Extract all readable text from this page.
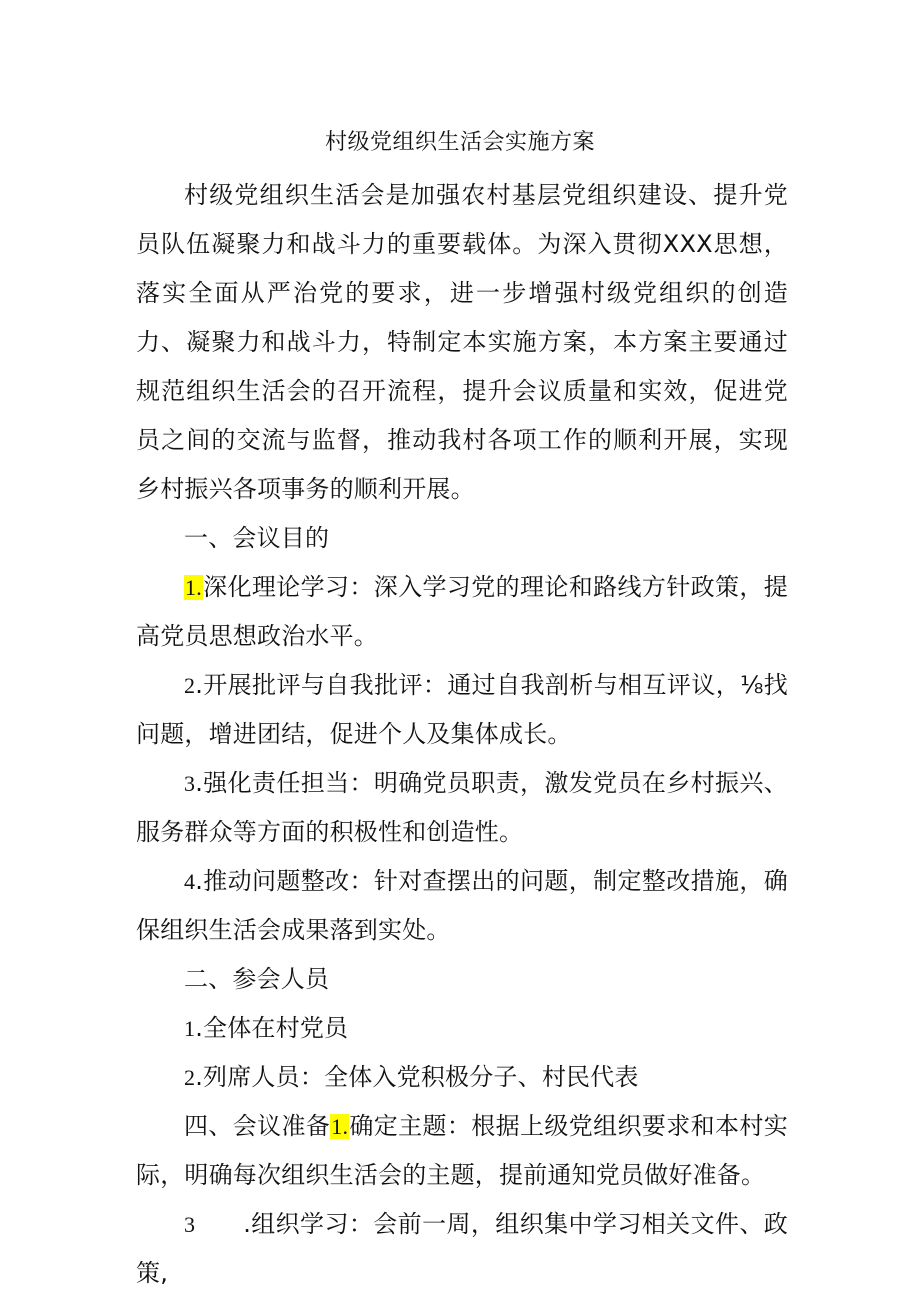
村级党组织生活会实施方案

村级党组织生活会是加强农村基层党组织建设、提升党员队伍凝聚力和战斗力的重要载体。为深入贯彻XXX思想，落实全面从严治党的要求，进一步增强村级党组织的创造力、凝聚力和战斗力，特制定本实施方案，本方案主要通过规范组织生活会的召开流程，提升会议质量和实效，促进党员之间的交流与监督，推动我村各项工作的顺利开展，实现乡村振兴各项事务的顺利开展。

一、会议目的

1.深化理论学习：深入学习党的理论和路线方针政策，提高党员思想政治水平。

2.开展批评与自我批评：通过自我剖析与相互评议，⅛找问题，增进团结，促进个人及集体成长。

3.强化责任担当：明确党员职责，激发党员在乡村振兴、服务群众等方面的积极性和创造性。

4.推动问题整改：针对查摆出的问题，制定整改措施，确保组织生活会成果落到实处。

二、参会人员

1.全体在村党员

2.列席人员：全体入党积极分子、村民代表

四、会议准备1.确定主题：根据上级党组织要求和本村实际，明确每次组织生活会的主题，提前通知党员做好准备。

3 .组织学习：会前一周，组织集中学习相关文件、政策,
